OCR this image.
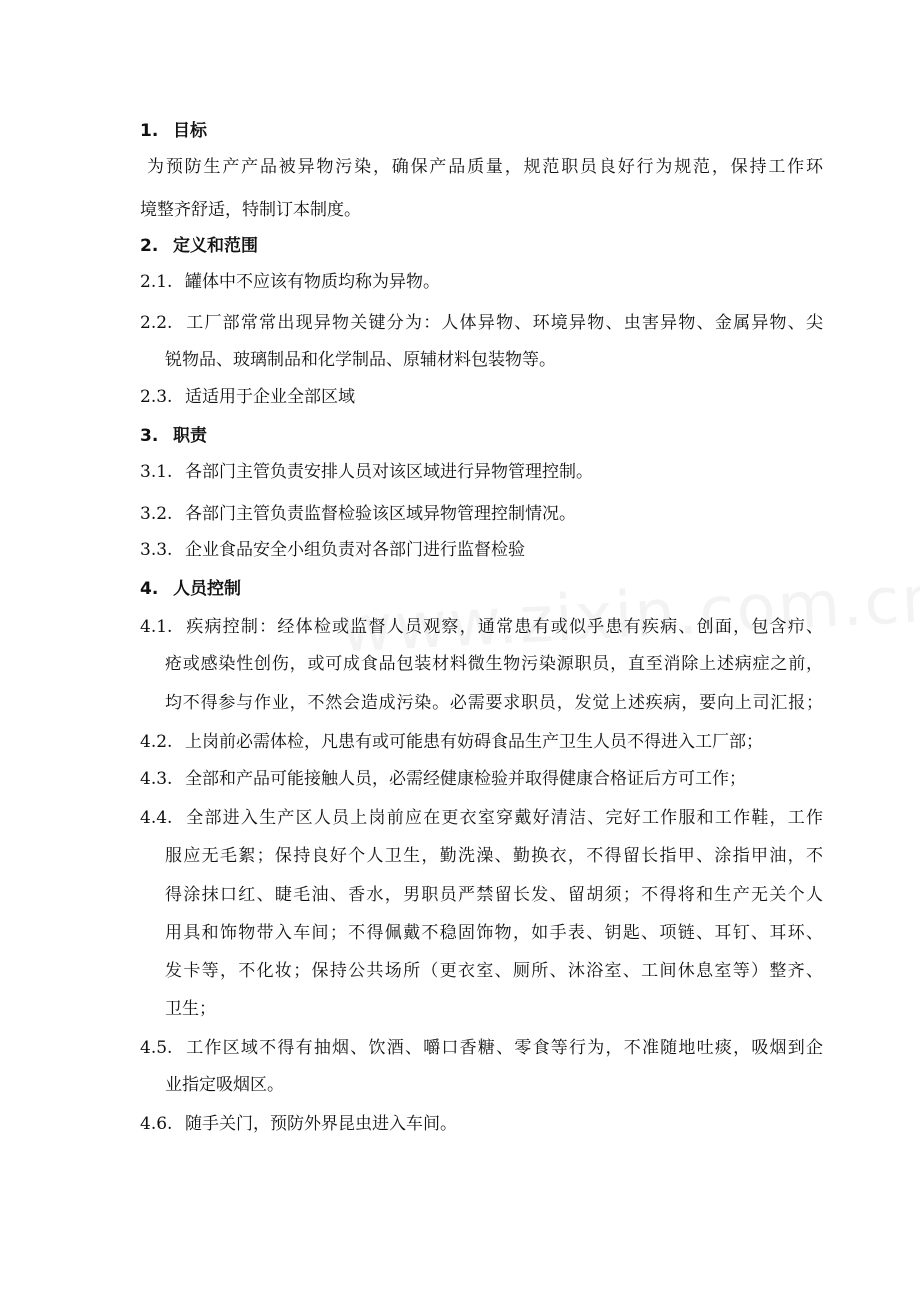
1. 目标
为预防生产产品被异物污染，确保产品质量，规范职员良好行为规范，保持工作环
境整齐舒适，特制订本制度。
2. 定义和范围
2.1. 罐体中不应该有物质均称为异物。
2.2. 工厂部常常出现异物关键分为：人体异物、环境异物、虫害异物、金属异物、尖
锐物品、玻璃制品和化学制品、原辅材料包装物等。
2.3. 适适用于企业全部区域
3. 职责
3.1. 各部门主管负责安排人员对该区域进行异物管理控制。
3.2. 各部门主管负责监督检验该区域异物管理控制情况。
3.3. 企业食品安全小组负责对各部门进行监督检验
4. 人员控制
4.1. 疾病控制：经体检或监督人员观察，通常患有或似乎患有疾病、创面，包含疖、
疮或感染性创伤，或可成食品包装材料微生物污染源职员，直至消除上述病症之前，
均不得参与作业，不然会造成污染。必需要求职员，发觉上述疾病，要向上司汇报；
4.2. 上岗前必需体检，凡患有或可能患有妨碍食品生产卫生人员不得进入工厂部；
4.3. 全部和产品可能接触人员，必需经健康检验并取得健康合格证后方可工作；
4.4. 全部进入生产区人员上岗前应在更衣室穿戴好清洁、完好工作服和工作鞋，工作
服应无毛絮；保持良好个人卫生，勤洗澡、勤换衣，不得留长指甲、涂指甲油，不
得涂抹口红、睫毛油、香水，男职员严禁留长发、留胡须；不得将和生产无关个人
用具和饰物带入车间；不得佩戴不稳固饰物，如手表、钥匙、项链、耳钉、耳环、
发卡等，不化妆；保持公共场所（更衣室、厕所、沐浴室、工间休息室等）整齐、
卫生；
4.5. 工作区域不得有抽烟、饮酒、嚼口香糖、零食等行为，不准随地吐痰，吸烟到企
业指定吸烟区。
4.6. 随手关门，预防外界昆虫进入车间。
